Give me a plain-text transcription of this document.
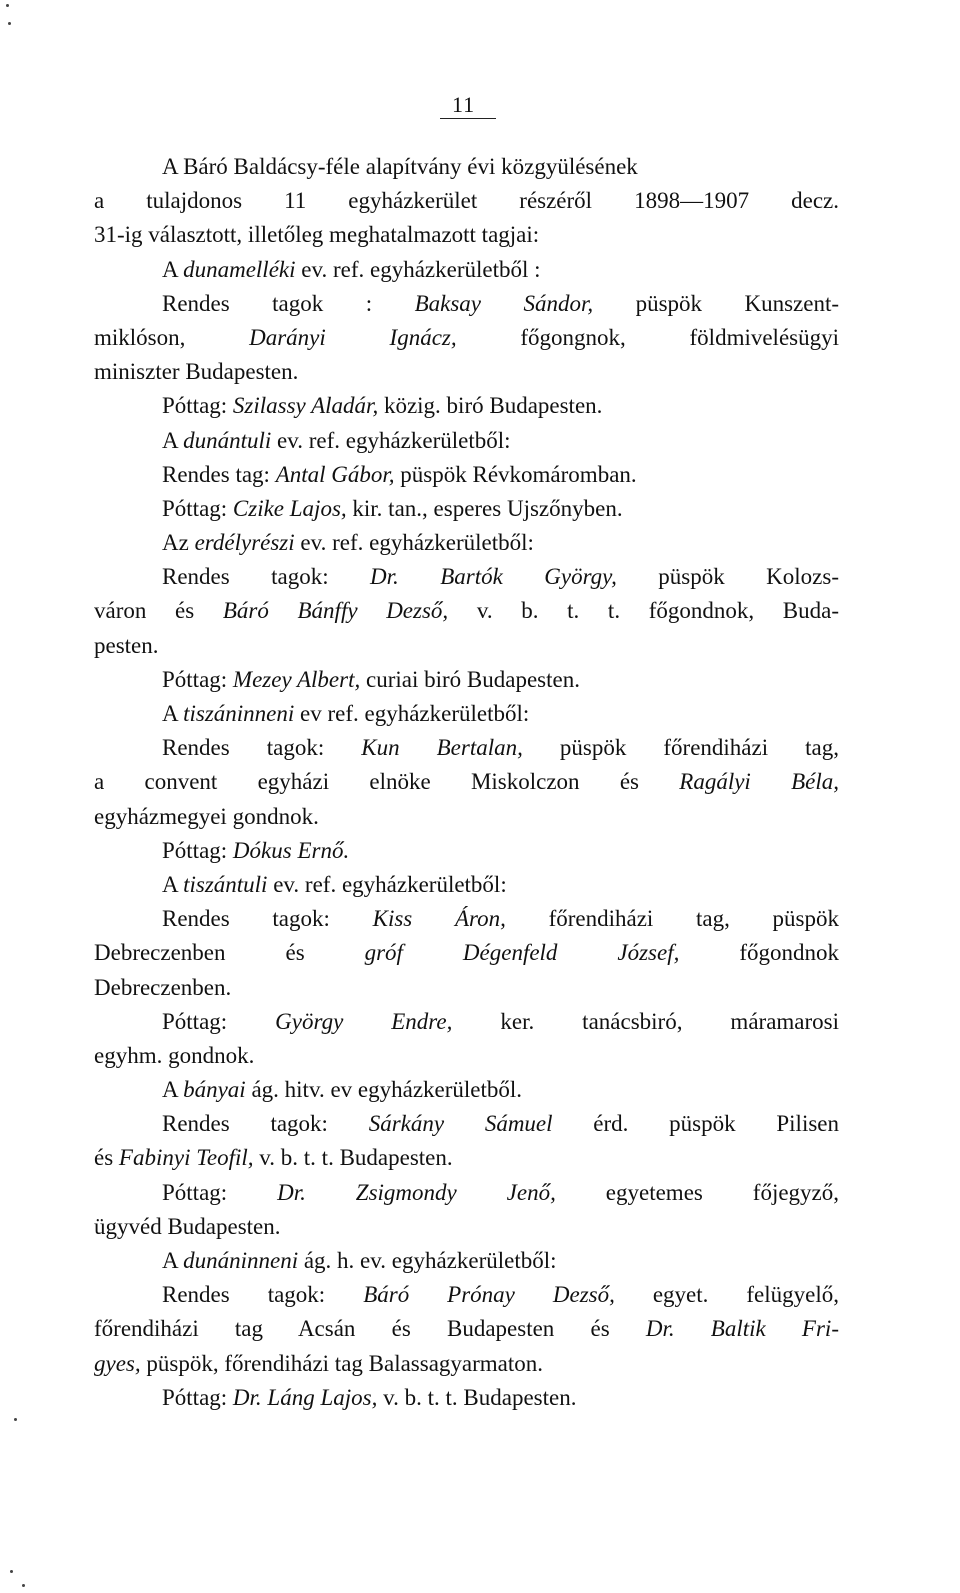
11
A Báró Baldácsy-féle alapítvány évi közgyülésének
a tulajdonos 11 egyházkerület részéről 1898—1907 decz.
31-ig választott, illetőleg meghatalmazott tagjai:
A dunamelléki ev. ref. egyházkerületből :
Rendes tagok : Baksay Sándor, püspök Kunszent-
miklóson, Darányi Ignácz, főgongnok, földmivelésügyi
miniszter Budapesten.
Póttag: Szilassy Aladár, közig. biró Budapesten.
A dunántuli ev. ref. egyházkerületből:
Rendes tag: Antal Gábor, püspök Révkomáromban.
Póttag: Czike Lajos, kir. tan., esperes Ujszőnyben.
Az erdélyrészi ev. ref. egyházkerületből:
Rendes tagok: Dr. Bartók György, püspök Kolozs-
váron és Báró Bánffy Dezső, v. b. t. t. főgondnok, Buda-
pesten.
Póttag: Mezey Albert, curiai biró Budapesten.
A tiszáninneni ev ref. egyházkerületből:
Rendes tagok: Kun Bertalan, püspök főrendiházi tag,
a convent egyházi elnöke Miskolczon és Ragályi Béla,
egyházmegyei gondnok.
Póttag: Dókus Ernő.
A tiszántuli ev. ref. egyházkerületből:
Rendes tagok: Kiss Áron, főrendiházi tag, püspök
Debreczenben és gróf Dégenfeld József, főgondnok
Debreczenben.
Póttag: György Endre, ker. tanácsbiró, máramarosi
egyhm. gondnok.
A bányai ág. hitv. ev egyházkerületből.
Rendes tagok: Sárkány Sámuel érd. püspök Pilisen
és Fabinyi Teofil, v. b. t. t. Budapesten.
Póttag: Dr. Zsigmondy Jenő, egyetemes főjegyző,
ügyvéd Budapesten.
A dunáninneni ág. h. ev. egyházkerületből:
Rendes tagok: Báró Prónay Dezső, egyet. felügyelő,
főrendiházi tag Acsán és Budapesten és Dr. Baltik Fri-
gyes, püspök, főrendiházi tag Balassagyarmaton.
Póttag: Dr. Láng Lajos, v. b. t. t. Budapesten.
